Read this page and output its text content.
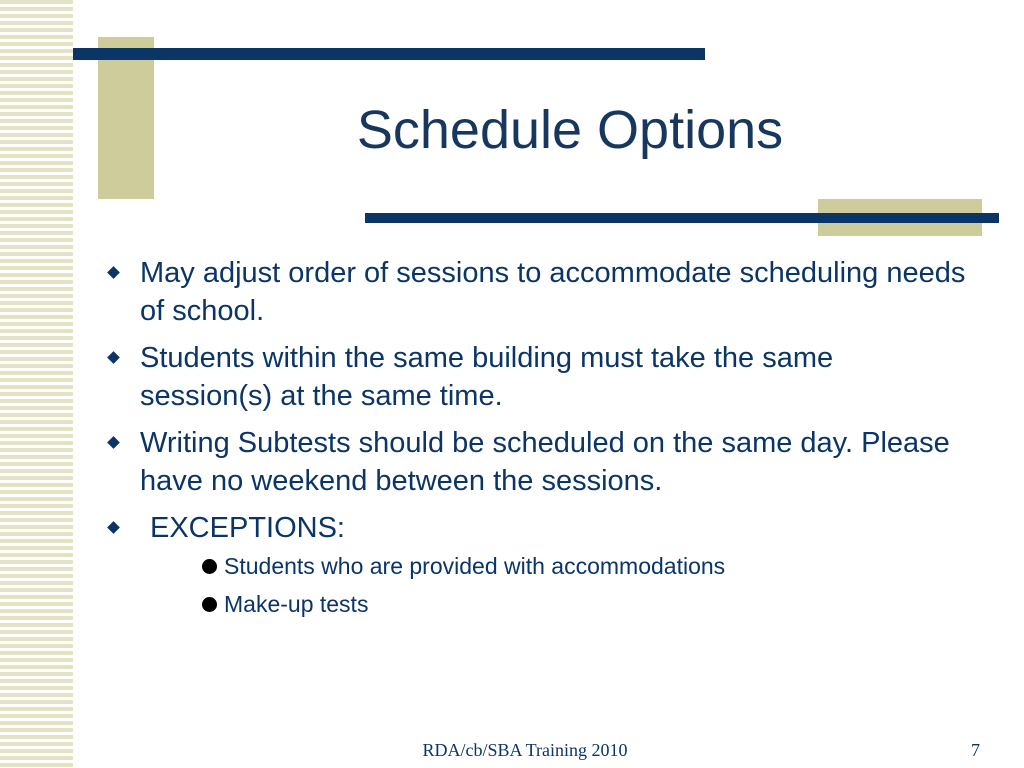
Schedule Options
May adjust order of sessions to accommodate scheduling needs of school.
Students within the same building must take the same session(s) at the same time.
Writing Subtests should be scheduled on the same day. Please have no weekend between the sessions.
EXCEPTIONS:
Students who are provided with accommodations
Make-up tests
RDA/cb/SBA Training 2010	7
